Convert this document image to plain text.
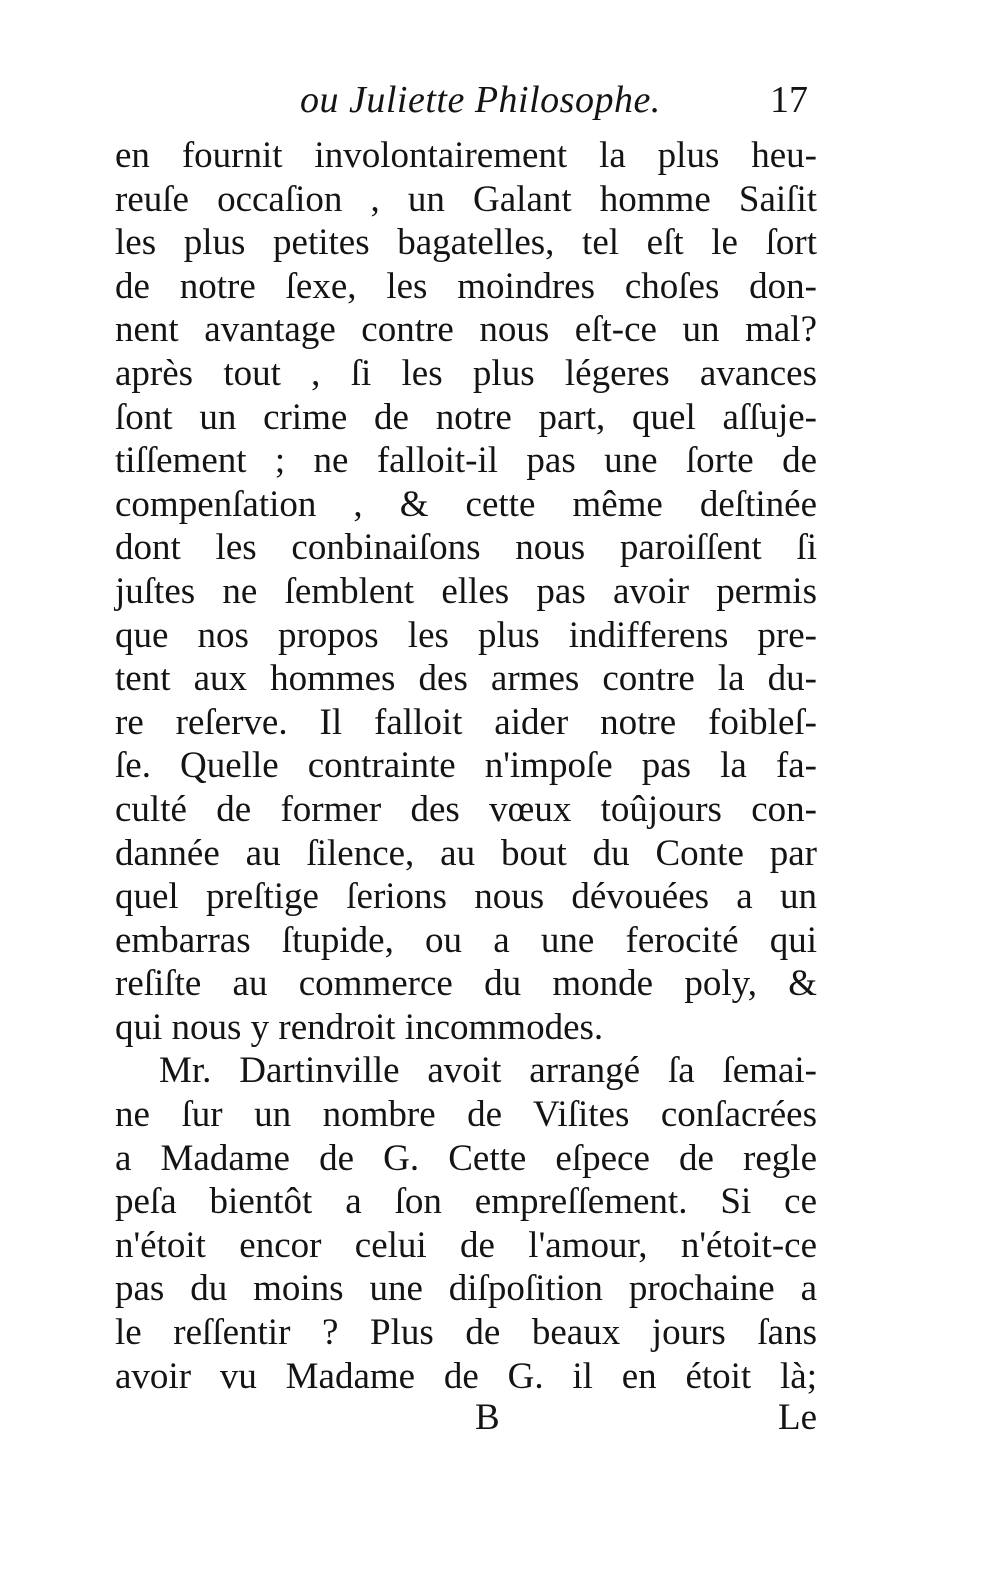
ou Juliette Philosophe.	17
en fournit involontairement la plus heu-
reuſe occaſion , un Galant homme Saiſit
les plus petites bagatelles, tel eſt le ſort
de notre ſexe, les moindres choſes don-
nent avantage contre nous eſt-ce un mal?
après tout , ſi les plus légeres avances
ſont un crime de notre part, quel aſſuje-
tiſſement ; ne falloit-il pas une ſorte de
compenſation , & cette même deſtinée
dont les conbinaiſons nous paroiſſent ſi
juſtes ne ſemblent elles pas avoir permis
que nos propos les plus indifferens pre-
tent aux hommes des armes contre la du-
re reſerve. Il falloit aider notre foibleſ-
ſe. Quelle contrainte n'impoſe pas la fa-
culté de former des vœux toûjours con-
dannée au ſilence, au bout du Conte par
quel preſtige ſerions nous dévouées a un
embarras ſtupide, ou a une ferocité qui
reſiſte au commerce du monde poly, &
qui nous y rendroit incommodes.
Mr. Dartinville avoit arrangé ſa ſemai-
ne ſur un nombre de Viſites conſacrées
a Madame de G. Cette eſpece de regle
peſa bientôt a ſon empreſſement. Si ce
n'étoit encor celui de l'amour, n'étoit-ce
pas du moins une diſpoſition prochaine a
le reſſentir ? Plus de beaux jours ſans
avoir vu Madame de G. il en étoit là;
B	Le
